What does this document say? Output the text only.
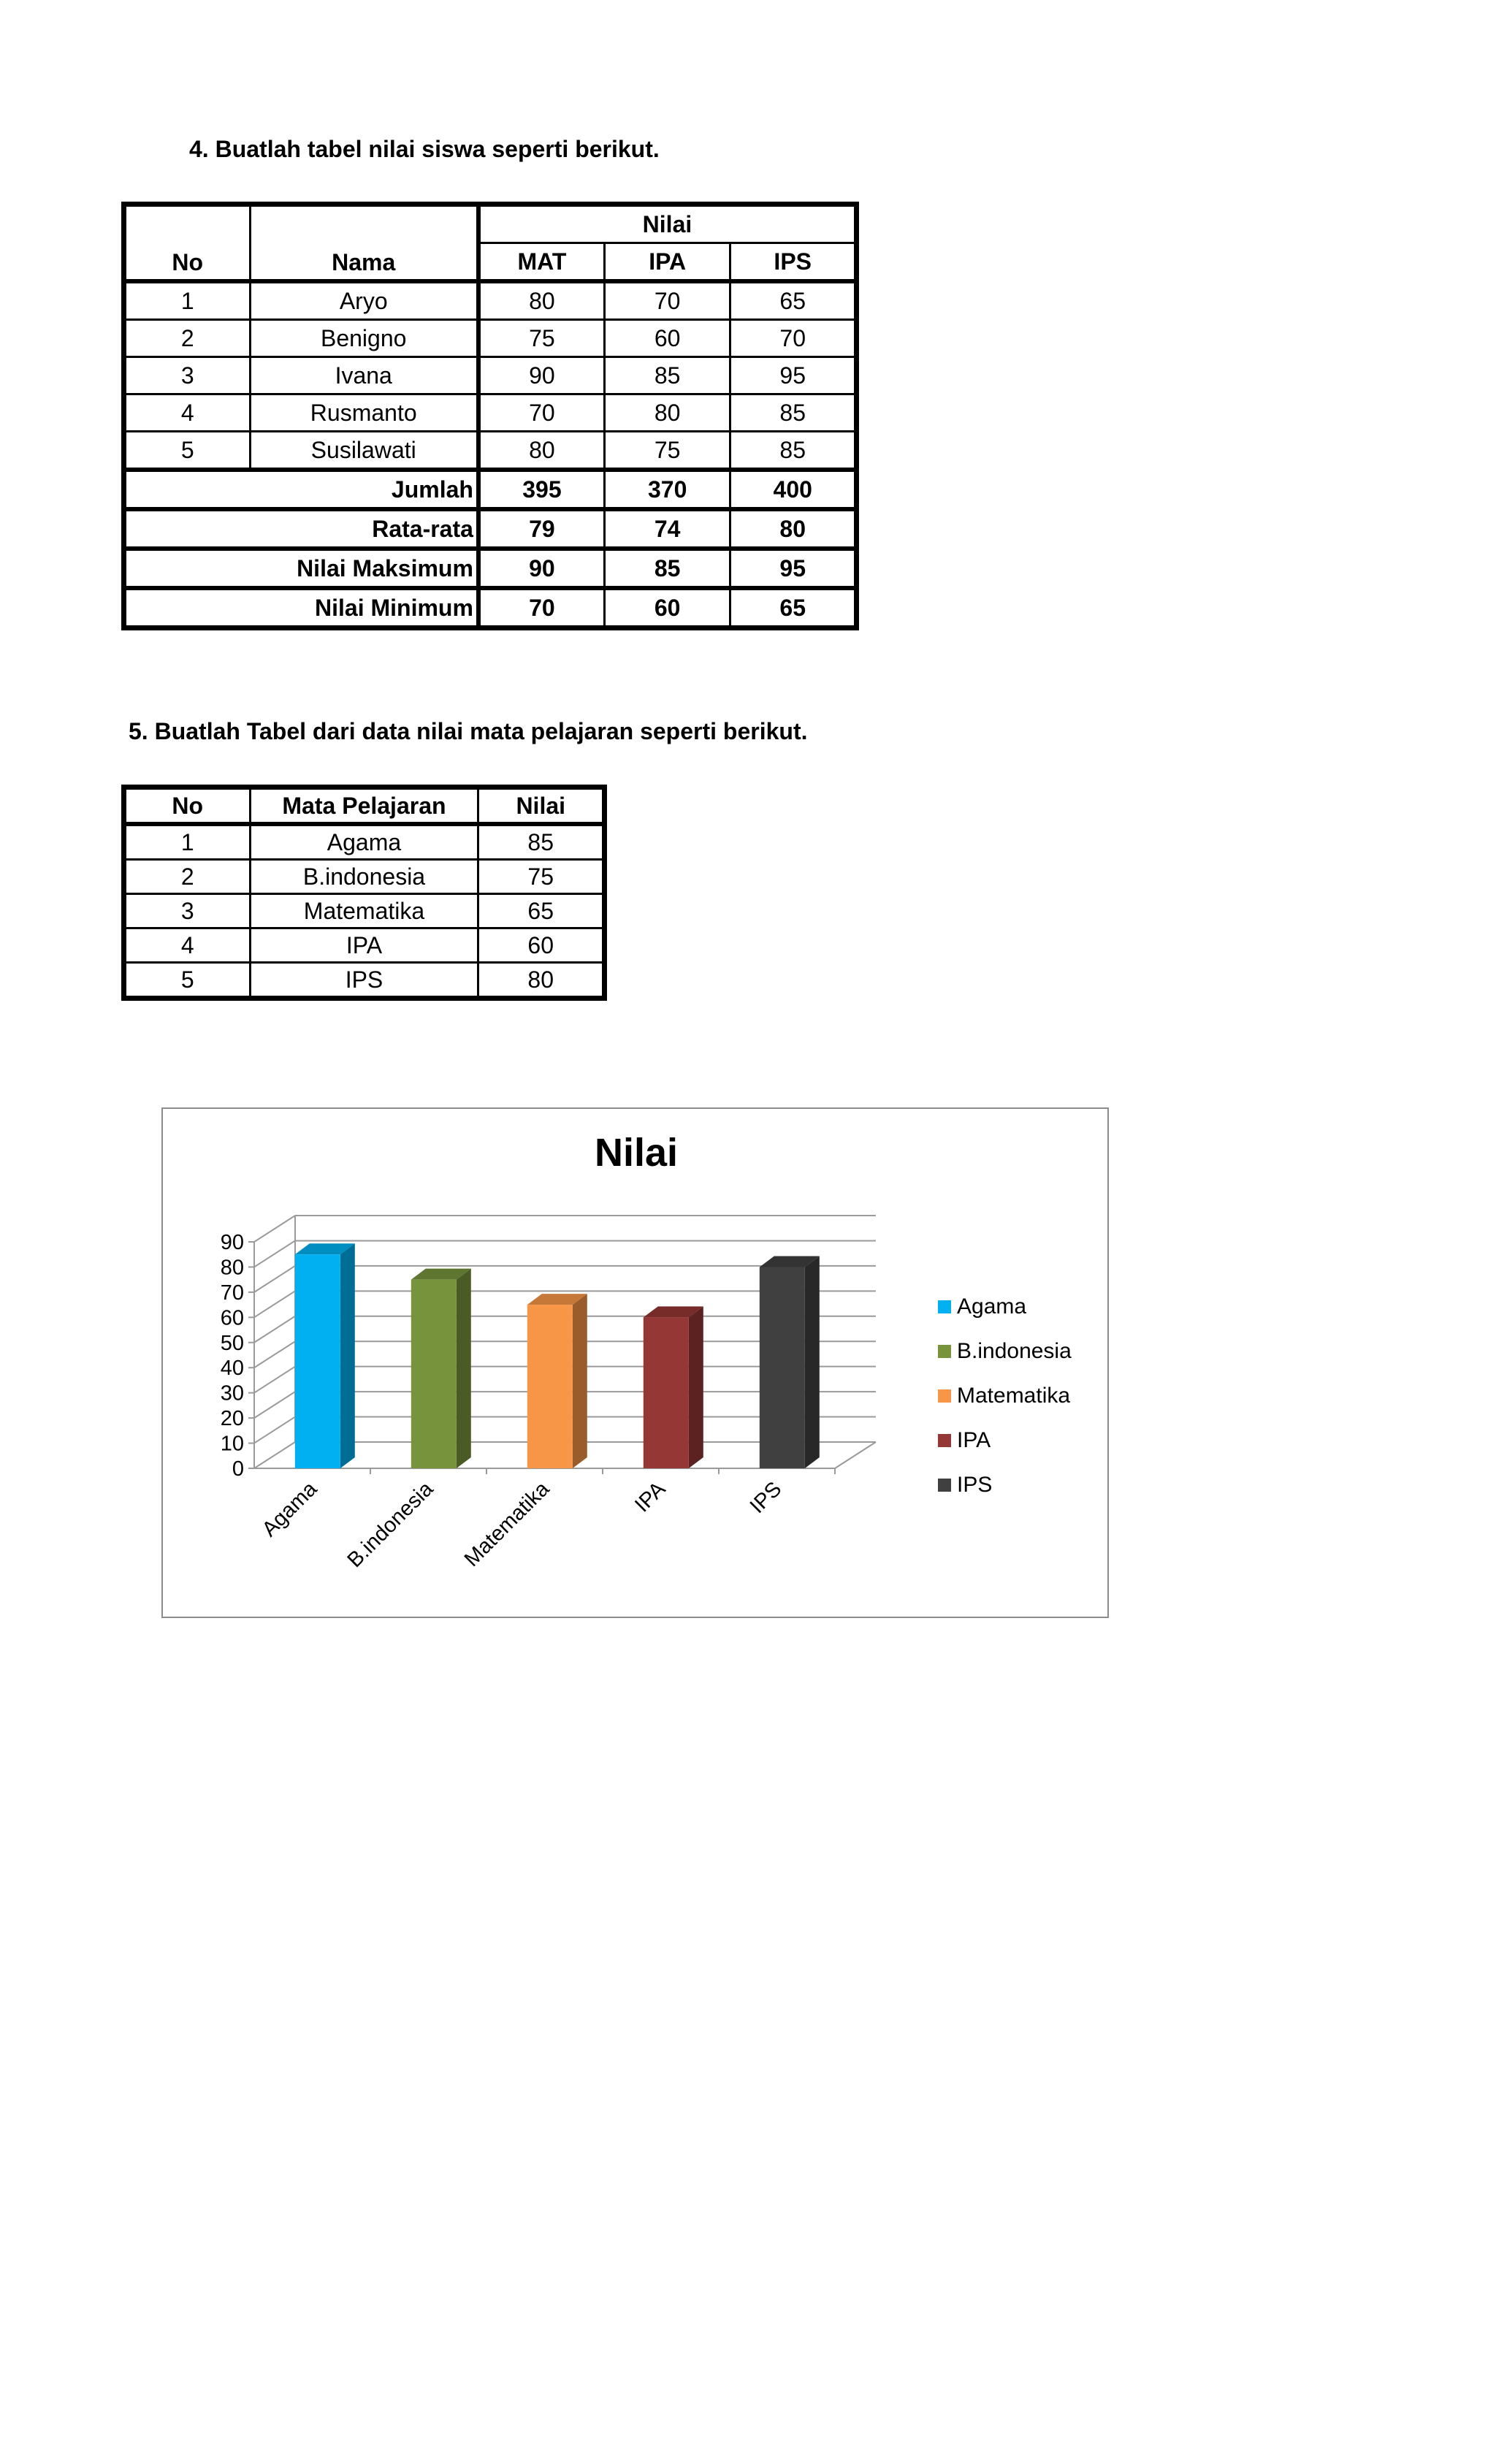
4. Buatlah tabel nilai siswa seperti berikut.
No	Nama	Nilai		
		MAT	IPA	IPS
1	Aryo	80	70	65
2	Benigno	75	60	70
3	Ivana	90	85	95
4	Rusmanto	70	80	85
5	Susilawati	80	75	85
Jumlah		395	370	400
Rata-rata		79	74	80
Nilai Maksimum		90	85	95
Nilai Minimum		70	60	65
5. Buatlah Tabel dari data nilai mata pelajaran seperti berikut.
No	Mata Pelajaran	Nilai
1	Agama	85
2	B.indonesia	75
3	Matematika	65
4	IPA	60
5	IPS	80
Nilai
0
10
20
30
40
50
60
70
80
90
Agama B.indonesia Matematika	IPA	IPS
Agama
B.indonesia
Matematika
IPA
IPS
